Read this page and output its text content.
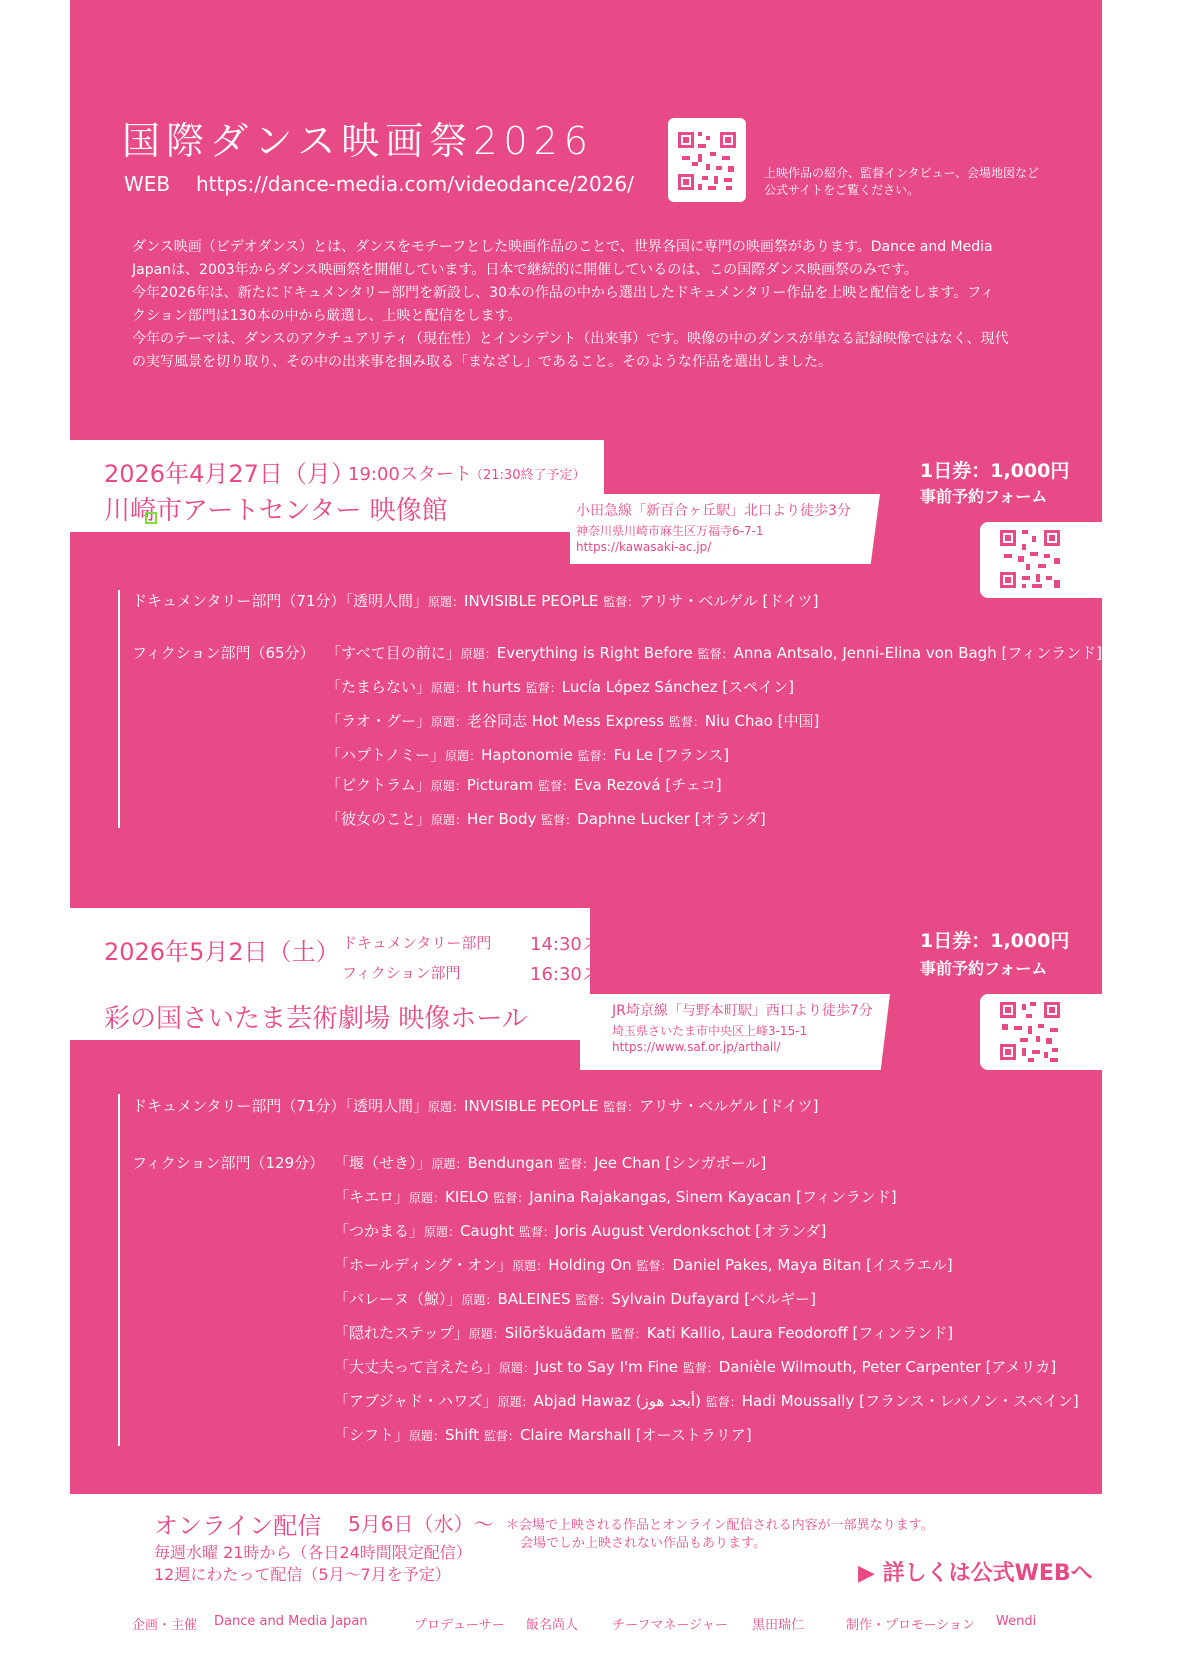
国際ダンス映画祭2026
WEB https://dance-media.com/videodance/2026/	上映作品の紹介、監督インタビュー、会場地図など
公式サイトをご覧ください。
ダンス映画（ビデオダンス）とは、ダンスをモチーフとした映画作品のことで、世界各国に専門の映画祭があります。Dance and Media
Japanは、2003年からダンス映画祭を開催しています。日本で継続的に開催しているのは、この国際ダンス映画祭のみです。
今年2026年は、新たにドキュメンタリー部門を新設し、30本の作品の中から選出したドキュメンタリー作品を上映と配信をします。フィ
クション部門は130本の中から厳選し、上映と配信をします。
今年のテーマは、ダンスのアクチュアリティ（現在性）とインシデント（出来事）です。映像の中のダンスが単なる記録映像ではなく、現代
の実写風景を切り取り、その中の出来事を掴み取る「まなざし」であること。そのような作品を選出しました。
2026年4月27日（月）
19:00スタート
（21:30終了予定）
川崎市アートセンター 映像館	小田急線「新百合ヶ丘駅」北口より徒歩3分
神奈川県川崎市麻生区万福寺6-7-1
https://kawasaki-ac.jp/
1日券：1,000円
事前予約フォーム
ドキュメンタリー部門（71分）「透明人間」原題：INVISIBLE PEOPLE 監督：アリサ・ベルゲル [ドイツ]
フィクション部門（65分） 「すべて目の前に」原題：Everything is Right Before 監督：Anna Antsalo, Jenni-Elina von Bagh [フィンランド]
「たまらない」原題：It hurts 監督：Lucía López Sánchez [スペイン]
「ラオ・グー」原題：老谷同志 Hot Mess Express 監督：Niu Chao [中国]
「ハプトノミー」原題：Haptonomie 監督：Fu Le [フランス]
「ピクトラム」原題：Picturam 監督：Eva Rezová [チェコ]
「彼女のこと」原題：Her Body 監督：Daphne Lucker [オランダ]
2026年5月2日（土） ドキュメンタリー部門 14:30スタート （16:10終了予定）
フィクション部門	16:30スタート （19:00終了予定）
彩の国さいたま芸術劇場 映像ホール	JR埼京線「与野本町駅」西口より徒歩7分
埼玉県さいたま市中央区上峰3-15-1
https://www.saf.or.jp/arthall/
1日券：1,000円
事前予約フォーム
ドキュメンタリー部門（71分）「透明人間」原題：INVISIBLE PEOPLE 監督：アリサ・ベルゲル [ドイツ]
フィクション部門（129分） 「堰（せき）」原題：Bendungan 監督：Jee Chan [シンガポール]
「キエロ」原題：KIELO 監督：Janina Rajakangas, Sinem Kayacan [フィンランド]
「つかまる」原題：Caught 監督：Joris August Verdonkschot [オランダ]
「ホールディング・オン」原題：Holding On 監督：Daniel Pakes, Maya Bitan [イスラエル]
「バレーヌ（鯨）」原題：BALEINES 監督：Sylvain Dufayard [ベルギー]
「隠れたステップ」原題：Silõrškuäđam 監督：Kati Kallio, Laura Feodoroff [フィンランド]
「大丈夫って言えたら」原題：Just to Say I'm Fine 監督：Danièle Wilmouth, Peter Carpenter [アメリカ]
「アブジャド・ハワズ」原題：Abjad Hawaz (أبجد هوز) 監督：Hadi Moussally [フランス・レバノン・スペイン]
「シフト」原題：Shift 監督：Claire Marshall [オーストラリア]
オンライン配信 5月6日（水）〜
毎週水曜 21時から（各日24時間限定配信）
12週にわたって配信（5月〜7月を予定）
＊会場で上映される作品とオンライン配信される内容が一部異なります。
会場でしか上映されない作品もあります。
▶ 詳しくは公式WEBへ
企画・主催 Dance and Media Japan	プロデューサー 飯名尚人	チーフマネージャー 黒田瑞仁	制作・プロモーション Wendi
